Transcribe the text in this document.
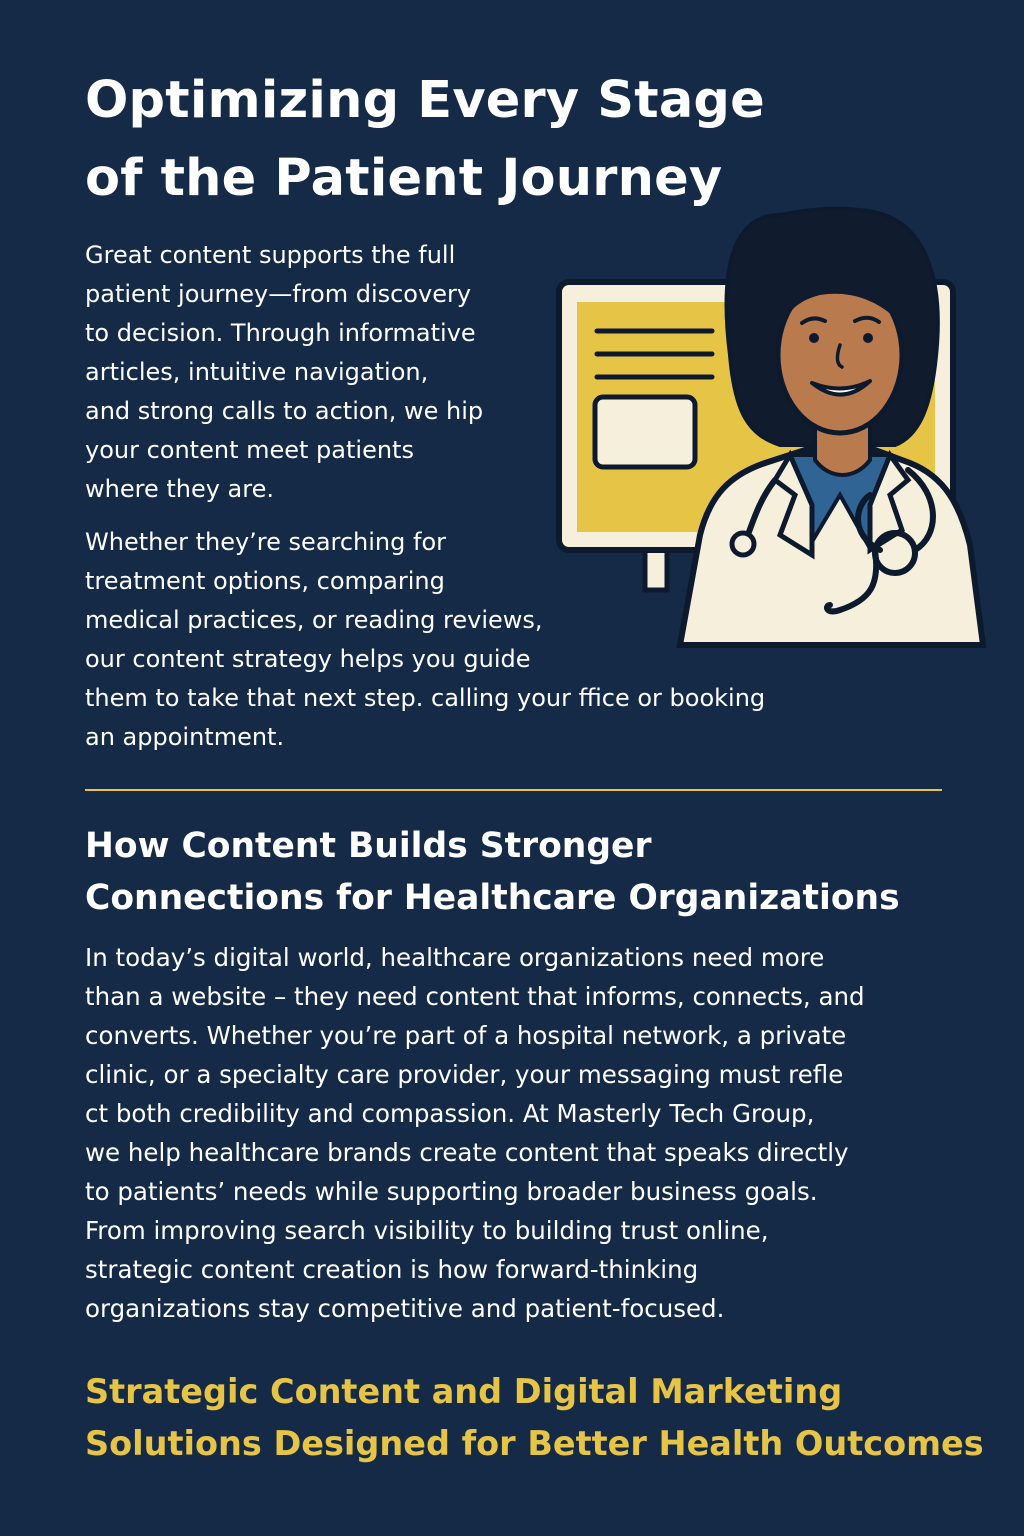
Optimizing Every Stage
of the Patient Journey

Great content supports the full
patient journey—from discovery
to decision. Through informative
articles, intuitive navigation,
and strong calls to action, we hip
your content meet patients
where they are.

Whether they’re searching for
treatment options, comparing
medical practices, or reading reviews,
our content strategy helps you guide
them to take that next step. calling your ffice or booking
an appointment.

How Content Builds Stronger
Connections for Healthcare Organizations

In today’s digital world, healthcare organizations need more
than a website – they need content that informs, connects, and
converts. Whether you’re part of a hospital network, a private
clinic, or a specialty care provider, your messaging must refle
ct both credibility and compassion. At Masterly Tech Group,
we help healthcare brands create content that speaks directly
to patients’ needs while supporting broader business goals.
From improving search visibility to building trust online,
strategic content creation is how forward-thinking
organizations stay competitive and patient-focused.

Strategic Content and Digital Marketing
Solutions Designed for Better Health Outcomes
